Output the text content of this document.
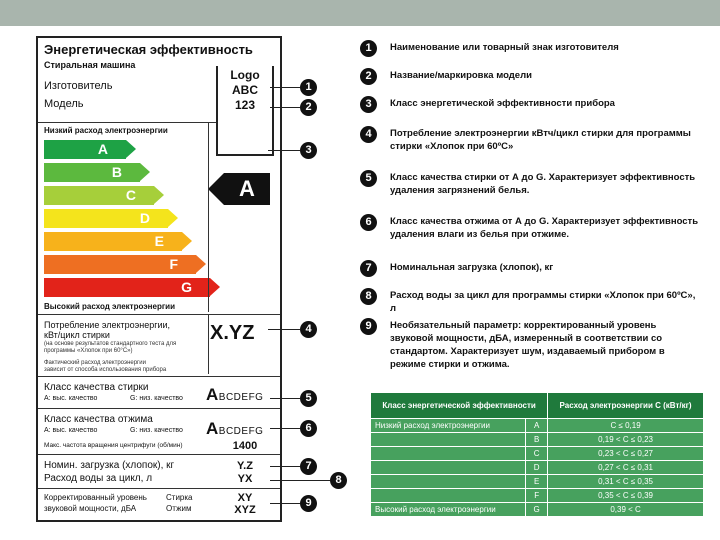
Энергетическая эффективность
Стиральная машина
Изготовитель
Модель
Logo
ABC
123
Низкий расход электроэнергии
A
B
C
D
E
F
G
Высокий расход электроэнергии
A
Потребление электроэнергии,
кВт/цикл стирки
(на основе результатов стандартного теста для
программы «Хлопок при 60°С»)
Фактический расход электроэнергии
зависит от способа использования прибора
X.YZ
Класс качества стирки
А: выс. качество	G: низ. качество ABCDEFG
Класс качества отжима
А: выс. качество	G: низ. качество ABCDEFG
Макс. частота вращения центрифуги (об/мин)	1400
Номин. загрузка (хлопок), кг	Y.Z
Расход воды за цикл, л	YX
Корректированный уровень
звуковой мощности, дБА
Стирка
Отжим
XY
XYZ
1
2
3
4
5
6
7
8
9
1	Наименование или товарный знак изготовителя
2	Название/маркировка модели
3	Класс энергетической эффективности прибора
4	Потребление электроэнергии кВтч/цикл стирки для программы стирки «Хлопок при 60ºС»
5	Класс качества стирки от А до G. Характеризует эффективность удаления загрязнений белья.
6	Класс качества отжима от А до G. Характеризует эффективность удаления влаги из белья при отжиме.
7	Номинальная загрузка (хлопок), кг
8	Расход воды за цикл для программы стирки «Хлопок при 60ºС», л
9	Необязательный параметр: корректированный уровень звуковой мощности, дБА, измеренный в соответствии со стандартом. Характеризует шум, издаваемый прибором в режиме стирки и отжима.
Класс энергетической эффективности		Расход электроэнергии С (кВт/кг)
Низкий расход электроэнергии	A	C ≤ 0,19
	B	0,19 < C ≤ 0,23
	C	0,23 < C ≤ 0,27
	D	0,27 < C ≤ 0,31
	E	0,31 < C ≤ 0,35
	F	0,35 < C ≤ 0,39
Высокий расход электроэнергии	G	0,39 < C
